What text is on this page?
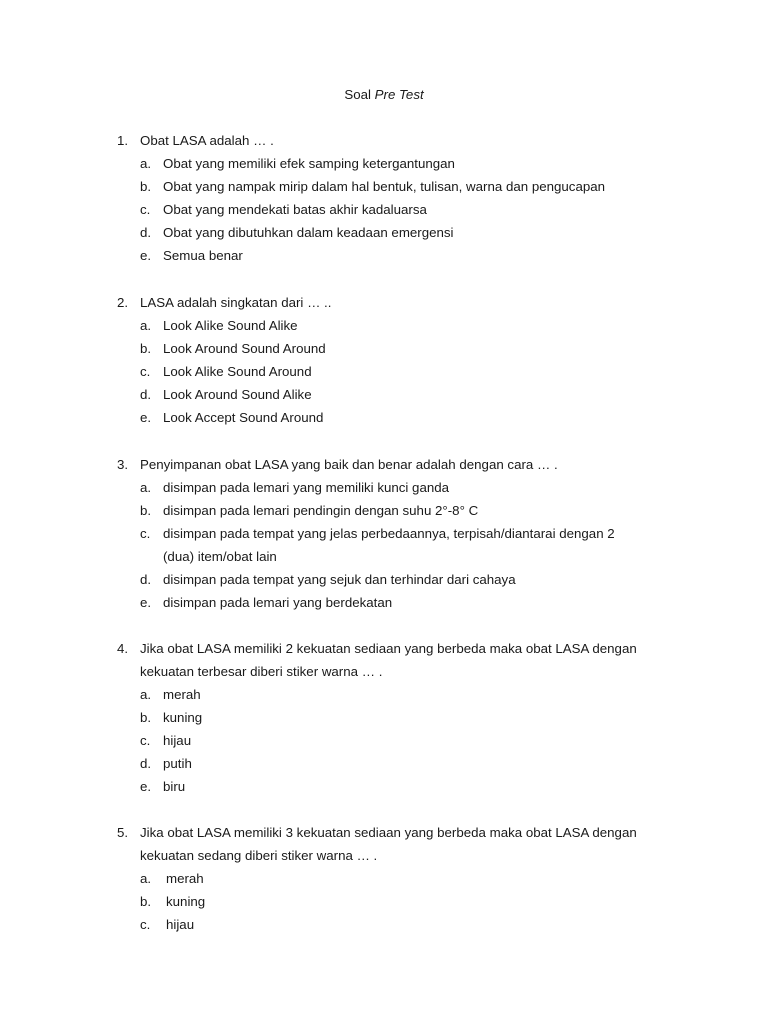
Soal Pre Test
1. Obat LASA adalah … .
a. Obat yang memiliki efek samping ketergantungan
b. Obat yang nampak mirip dalam hal bentuk, tulisan, warna dan pengucapan
c. Obat yang mendekati batas akhir kadaluarsa
d. Obat yang dibutuhkan dalam keadaan emergensi
e. Semua benar
2. LASA adalah singkatan dari … ..
a. Look Alike Sound Alike
b. Look Around Sound Around
c. Look Alike Sound Around
d. Look Around Sound Alike
e. Look Accept Sound Around
3. Penyimpanan obat LASA yang baik dan benar adalah dengan cara … .
a. disimpan pada lemari yang memiliki kunci ganda
b. disimpan pada lemari pendingin dengan suhu 2°-8° C
c. disimpan pada tempat yang jelas perbedaannya, terpisah/diantarai dengan 2
(dua) item/obat lain
d. disimpan pada tempat yang sejuk dan terhindar dari cahaya
e. disimpan pada lemari yang berdekatan
4. Jika obat LASA memiliki 2 kekuatan sediaan yang berbeda maka obat LASA dengan
kekuatan terbesar diberi stiker warna … .
a. merah
b. kuning
c. hijau
d. putih
e. biru
5. Jika obat LASA memiliki 3 kekuatan sediaan yang berbeda maka obat LASA dengan
kekuatan sedang diberi stiker warna … .
a. merah
b. kuning
c. hijau
